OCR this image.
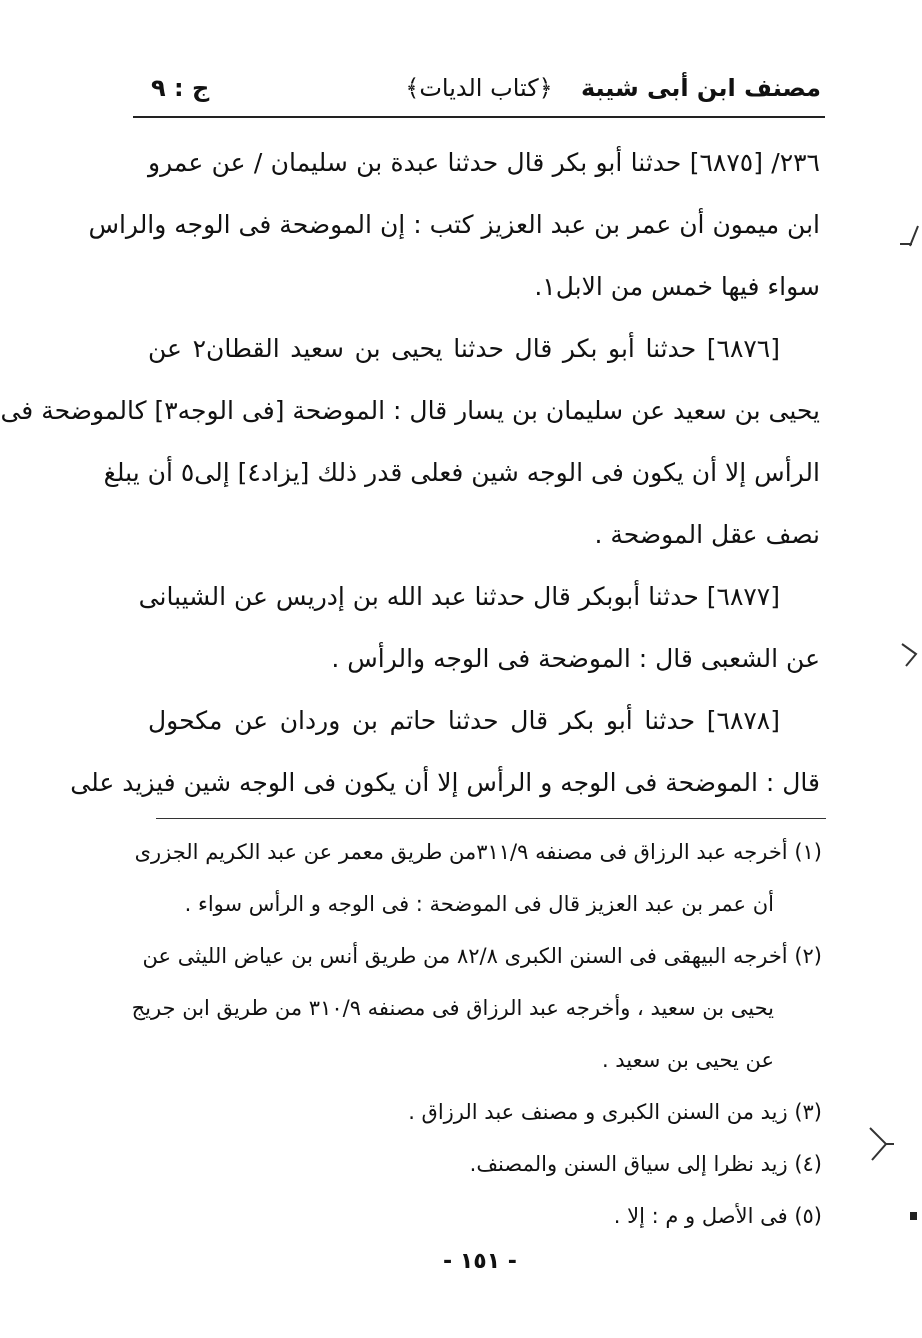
مصنف ابن أبى شيبة
﴿كتاب الديات﴾
ج : ٩
٢٣٦/ [٦٨٧٥] حدثنا أبو بكر قال حدثنا عبدة بن سليمان / عن عمرو
ابن ميمون أن عمر بن عبد العزيز كتب : إن الموضحة فى الوجه والراس
سواء فيها خمس من الابل١.
[٦٨٧٦] حدثنا أبو بكر قال حدثنا يحيى بن سعيد القطان٢ عن
يحيى بن سعيد عن سليمان بن يسار قال : الموضحة [فى الوجه٣] كالموضحة فى
الرأس إلا أن يكون فى الوجه شين فعلى قدر ذلك [يزاد٤] إلى٥ أن يبلغ
نصف عقل الموضحة .
[٦٨٧٧] حدثنا أبوبكر قال حدثنا عبد الله بن إدريس عن الشيبانى
عن الشعبى قال : الموضحة فى الوجه والرأس .
[٦٨٧٨] حدثنا أبو بكر قال حدثنا حاتم بن وردان عن مكحول
قال : الموضحة فى الوجه و الرأس إلا أن يكون فى الوجه شين فيزيد على
(١) أخرجه عبد الرزاق فى مصنفه ٣١١/٩من طريق معمر عن عبد الكريم الجزرى
أن عمر بن عبد العزيز قال فى الموضحة : فى الوجه و الرأس سواء .
(٢) أخرجه البيهقى فى السنن الكبرى ٨٢/٨ من طريق أنس بن عياض الليثى عن
يحيى بن سعيد ، وأخرجه عبد الرزاق فى مصنفه ٣١٠/٩ من طريق ابن جريج
عن يحيى بن سعيد .
(٣) زيد من السنن الكبرى و مصنف عبد الرزاق .
(٤) زيد نظرا إلى سياق السنن والمصنف.
(٥) فى الأصل و م : إلا .
- ١٥١ -
